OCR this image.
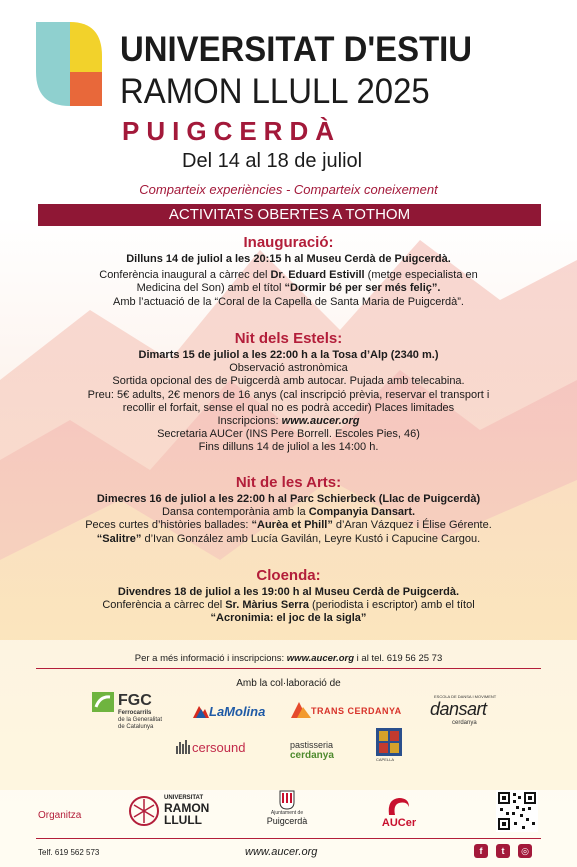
UNIVERSITAT D'ESTIU
RAMON LLULL 2025
PUIGCERDÀ
Del 14 al 18 de juliol
Comparteix experiències - Comparteix coneixement
ACTIVITATS OBERTES A TOTHOM
Inauguració:
Dilluns 14 de juliol a les 20:15 h al Museu Cerdà de Puigcerdà.
Conferència inaugural a càrrec del Dr. Eduard Estivill (metge especialista en
Medicina del Son) amb el títol “Dormir bé per ser més feliç”.
Amb l’actuació de la “Coral de la Capella de Santa Maria de Puigcerdà”.
Nit dels Estels:
Dimarts 15 de juliol a les 22:00 h a la Tosa d’Alp (2340 m.)
Observació astronòmica
Sortida opcional des de Puigcerdà amb autocar. Pujada amb telecabina.
Preu: 5€ adults, 2€ menors de 16 anys (cal inscripció prèvia, reservar el transport i
recollir el forfait, sense el qual no es podrà accedir) Places limitades
Inscripcions: www.aucer.org
Secretaria AUCer (INS Pere Borrell. Escoles Pies, 46)
Fins dilluns 14 de juliol a les 14:00 h.
Nit de les Arts:
Dimecres 16 de juliol a les 22:00 h al Parc Schierbeck (Llac de Puigcerdà)
Dansa contemporània amb la Companyia Dansart.
Peces curtes d’històries ballades: “Aurèa et Phill” d’Aran Vázquez i Élise Gérente.
“Salitre” d’Ivan González amb Lucía Gavilán, Leyre Kustó i Capucine Cargou.
Cloenda:
Divendres 18 de juliol a les 19:00 h al Museu Cerdà de Puigcerdà.
Conferència a càrrec del Sr. Màrius Serra (periodista i escriptor) amb el títol
“Acronimia: el joc de la sigla”
Per a més informació i inscripcions: www.aucer.org i al tel. 619 56 25 73
Amb la col·laboració de
FGC
Ferrocarrils
de la Generalitat
de Catalunya
LaMolina	TRANS CERDANYA
ESCOLA DE DANSA I MOVIMENT
dansart
cerdanya
cersound	pastisseria
cerdanya	CAPELLA
Organitza
UNIVERSITAT
RAMON
LLULL	Ajuntament de
Puigcerdà	AUCer
Telf. 619 562 573	www.aucer.org	f	t	◎
